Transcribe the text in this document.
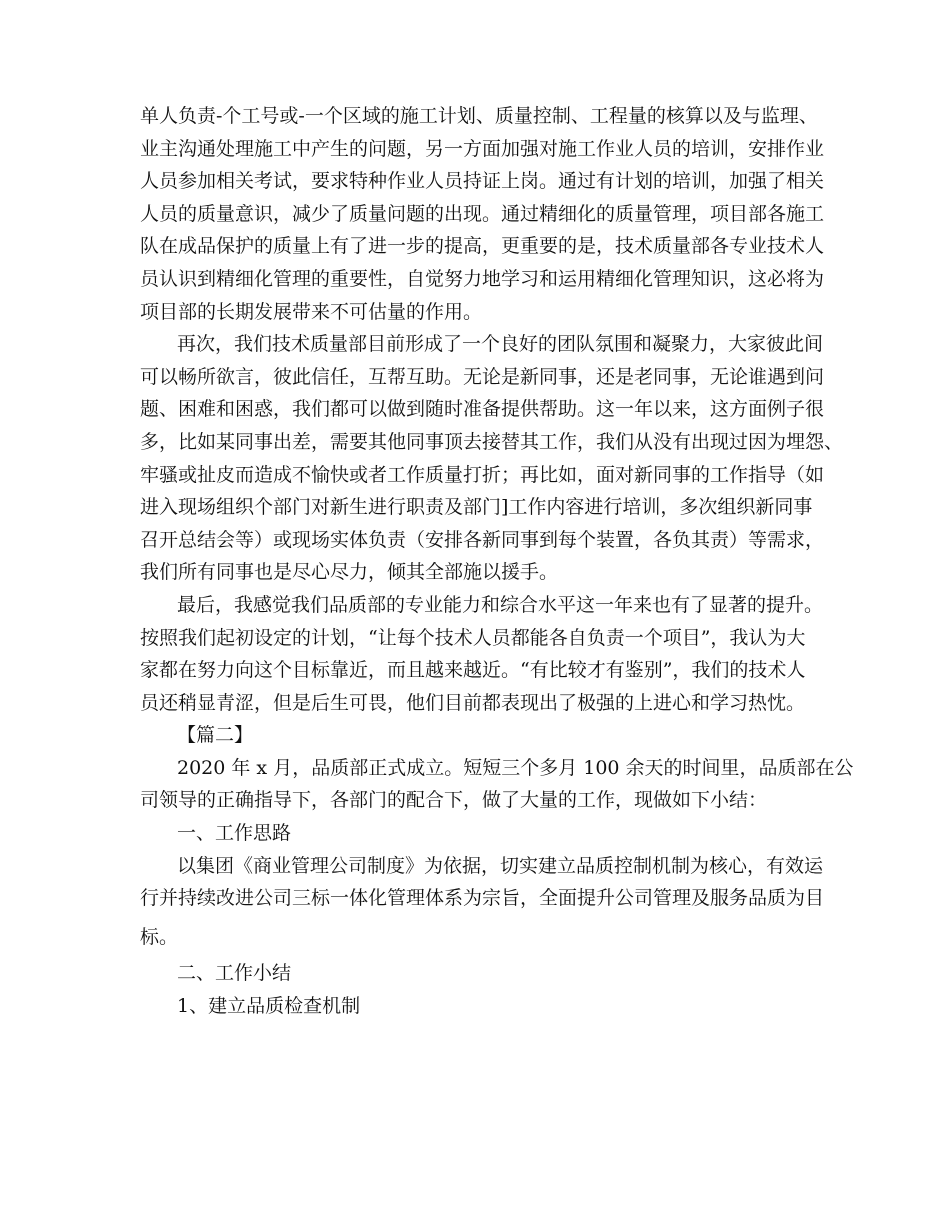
单人负责-个工号或-一个区域的施工计划、质量控制、工程量的核算以及与监理、
业主沟通处理施工中产生的问题，另一方面加强对施工作业人员的培训，安排作业
人员参加相关考试，要求特种作业人员持证上岗。通过有计划的培训，加强了相关
人员的质量意识，减少了质量问题的出现。通过精细化的质量管理，项目部各施工
队在成品保护的质量上有了进一步的提高，更重要的是，技术质量部各专业技术人
员认识到精细化管理的重要性，自觉努力地学习和运用精细化管理知识，这必将为
项目部的长期发展带来不可估量的作用。
再次，我们技术质量部目前形成了一个良好的团队氛围和凝聚力，大家彼此间
可以畅所欲言，彼此信任，互帮互助。无论是新同事，还是老同事，无论谁遇到问
题、困难和困惑，我们都可以做到随时准备提供帮助。这一年以来，这方面例子很
多，比如某同事出差，需要其他同事顶去接替其工作，我们从没有出现过因为埋怨、
牢骚或扯皮而造成不愉快或者工作质量打折；再比如，面对新同事的工作指导（如
进入现场组织个部门对新生进行职责及部门]工作内容进行培训，多次组织新同事
召开总结会等）或现场实体负责（安排各新同事到每个装置，各负其责）等需求，
我们所有同事也是尽心尽力，倾其全部施以援手。
最后，我感觉我们品质部的专业能力和综合水平这一年来也有了显著的提升。
按照我们起初设定的计划，“让每个技术人员都能各自负责一个项目”，我认为大
家都在努力向这个目标靠近，而且越来越近。“有比较才有鉴别”，我们的技术人
员还稍显青涩，但是后生可畏，他们目前都表现出了极强的上进心和学习热忱。
【篇二】
2020 年 x 月，品质部正式成立。短短三个多月 100 余天的时间里，品质部在公
司领导的正确指导下，各部门的配合下，做了大量的工作，现做如下小结：
一、工作思路
以集团《商业管理公司制度》为依据，切实建立品质控制机制为核心，有效运
行并持续改进公司三标一体化管理体系为宗旨，全面提升公司管理及服务品质为目
标。
二、工作小结
1、建立品质检查机制
